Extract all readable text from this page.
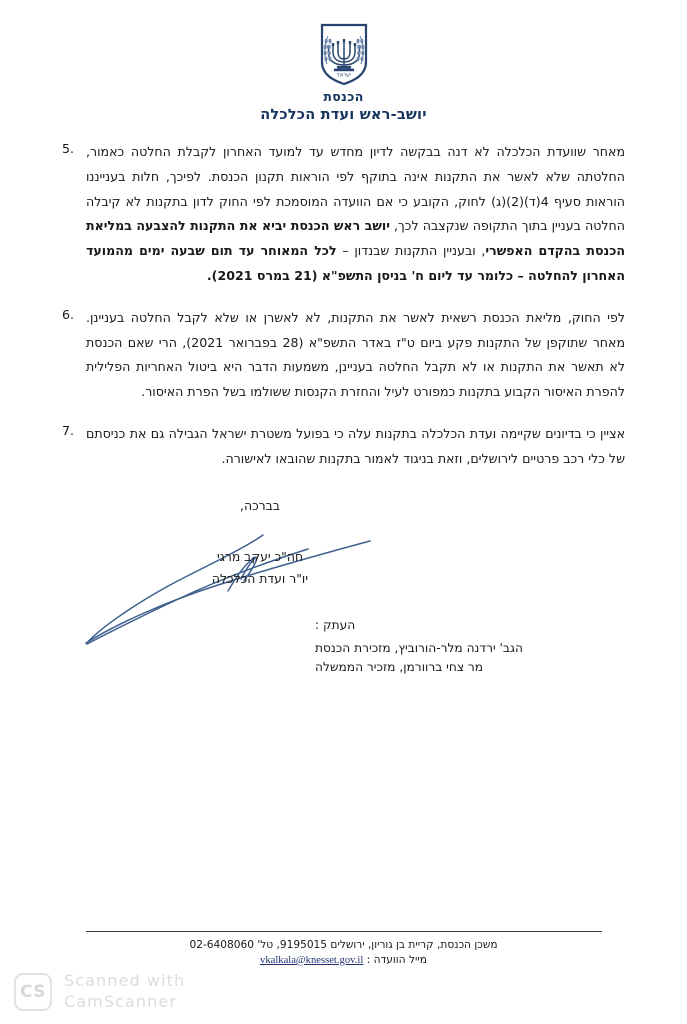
ישראל
הכנסת
יושב-ראש ועדת הכלכלה
מאחר שוועדת הכלכלה לא דנה בבקשה לדיון מחדש עד למועד האחרון לקבלת החלטה כאמור, החלטתה שלא לאשר את התקנות אינה בתוקף לפי הוראות תקנון הכנסת. לפיכך, חלות בענייננו הוראות סעיף 4(ד)(2)(ג) לחוק, הקובע כי אם הוועדה המוסמכת לפי החוק לדון בתקנות לא קיבלה החלטה בעניין בתוך התקופה שנקצבה לכך, יושב ראש הכנסת יביא את התקנות להצבעה במליאת הכנסת בהקדם האפשרי, ובעניין התקנות שבנדון – לכל המאוחר עד תום שבעה ימים מהמועד האחרון להחלטה – כלומר עד ליום ח' בניסן התשפ"א (21 במרס 2021).
.5
לפי החוק, מליאת הכנסת רשאית לאשר את התקנות, לא לאשרן או שלא לקבל החלטה בעניינן. מאחר שתוקפן של התקנות פקע ביום ט"ז באדר התשפ"א (28 בפברואר 2021), הרי שאם הכנסת לא תאשר את התקנות או לא תקבל החלטה בעניינן, משמעות הדבר היא ביטול האחריות הפלילית להפרת האיסור הקבוע בתקנות כמפורט לעיל והחזרת הקנסות ששולמו בשל הפרת האיסור.
.6
אציין כי בדיונים שקיימה ועדת הכלכלה בתקנות עלה כי בפועל משטרת ישראל הגבילה גם את כניסתם של כלי רכב פרטיים לירושלים, וזאת בניגוד לאמור בתקנות שהובאו לאישורה.
.7
בברכה,
חה"כ יעקב מרגי
יו"ר ועדת הכלכלה
העתק :
הגב' ירדנה מלר-הורוביץ, מזכירת הכנסת
מר צחי ברוורמן, מזכיר הממשלה
משכן הכנסת, קריית בן גוריון, ירושלים 9195015, טל' 02-6408060
מייל הוועדה : vkalkala@knesset.gov.il
CS
Scanned with
CamScanner
